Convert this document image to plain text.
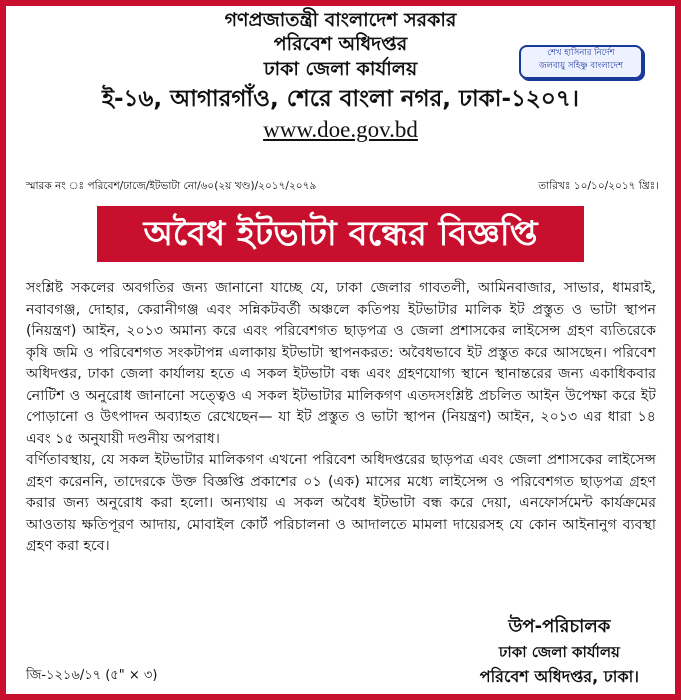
গণপ্রজাতন্ত্রী বাংলাদেশ সরকার
পরিবেশ অধিদপ্তর
ঢাকা জেলা কার্যালয়
ই-১৬, আগারগাঁও, শেরে বাংলা নগর, ঢাকা-১২০৭।
www.doe.gov.bd
শেখ হাসিনার নির্দেশ
জলবায়ু সহিষ্ণু বাংলাদেশ
স্মারক নং ঃ পরিবেশ/ঢাজে/ইটভাটা নো/৬০(২য় খণ্ড)/২০১৭/২০৭৯	তারিখঃ ১০/১০/২০১৭ খ্রিঃ।
অবৈধ ইটভাটা বন্ধের বিজ্ঞপ্তি

সংশ্লিষ্ট সকলের অবগতির জন্য জানানো যাচ্ছে যে, ঢাকা জেলার গাবতলী, আমিনবাজার, সাভার, ধামরাই, নবাবগঞ্জ, দোহার, কেরানীগঞ্জ এবং সন্নিকটবর্তী অঞ্চলে কতিপয় ইটভাটার মালিক ইট প্রস্তুত ও ভাটা স্থাপন (নিয়ন্ত্রণ) আইন, ২০১৩ অমান্য করে এবং পরিবেশগত ছাড়পত্র ও জেলা প্রশাসকের লাইসেন্স গ্রহণ ব্যতিরেকে কৃষি জমি ও পরিবেশগত সংকটাপন্ন এলাকায় ইটভাটা স্থাপনকরত: অবৈধভাবে ইট প্রস্তুত করে আসছেন। পরিবেশ অধিদপ্তর, ঢাকা জেলা কার্যালয় হতে এ সকল ইটভাটা বন্ধ এবং গ্রহণযোগ্য স্থানে স্থানান্তরের জন্য একাধিকবার নোটিশ ও অনুরোধ জানানো সত্ত্বেও এ সকল ইটভাটার মালিকগণ এতদসংশ্লিষ্ট প্রচলিত আইন উপেক্ষা করে ইট পোড়ানো ও উৎপাদন অব্যাহত রেখেছেন— যা ইট প্রস্তুত ও ভাটা স্থাপন (নিয়ন্ত্রণ) আইন, ২০১৩ এর ধারা ১৪ এবং ১৫ অনুযায়ী দণ্ডনীয় অপরাধ।

বর্ণিতাবস্থায়, যে সকল ইটভাটার মালিকগণ এখনো পরিবেশ অধিদপ্তরের ছাড়পত্র এবং জেলা প্রশাসকের লাইসেন্স গ্রহণ করেননি, তাদেরকে উক্ত বিজ্ঞপ্তি প্রকাশের ০১ (এক) মাসের মধ্যে লাইসেন্স ও পরিবেশগত ছাড়পত্র গ্রহণ করার জন্য অনুরোধ করা হলো। অন্যথায় এ সকল অবৈধ ইটভাটা বন্ধ করে দেয়া, এনফোর্সমেন্ট কার্যক্রমের আওতায় ক্ষতিপূরণ আদায়, মোবাইল কোর্ট পরিচালনা ও আদালতে মামলা দায়েরসহ যে কোন আইনানুগ ব্যবস্থা গ্রহণ করা হবে।

উপ-পরিচালক
ঢাকা জেলা কার্যালয়
পরিবেশ অধিদপ্তর, ঢাকা।
জি-১২১৬/১৭ (৫" × ৩)
